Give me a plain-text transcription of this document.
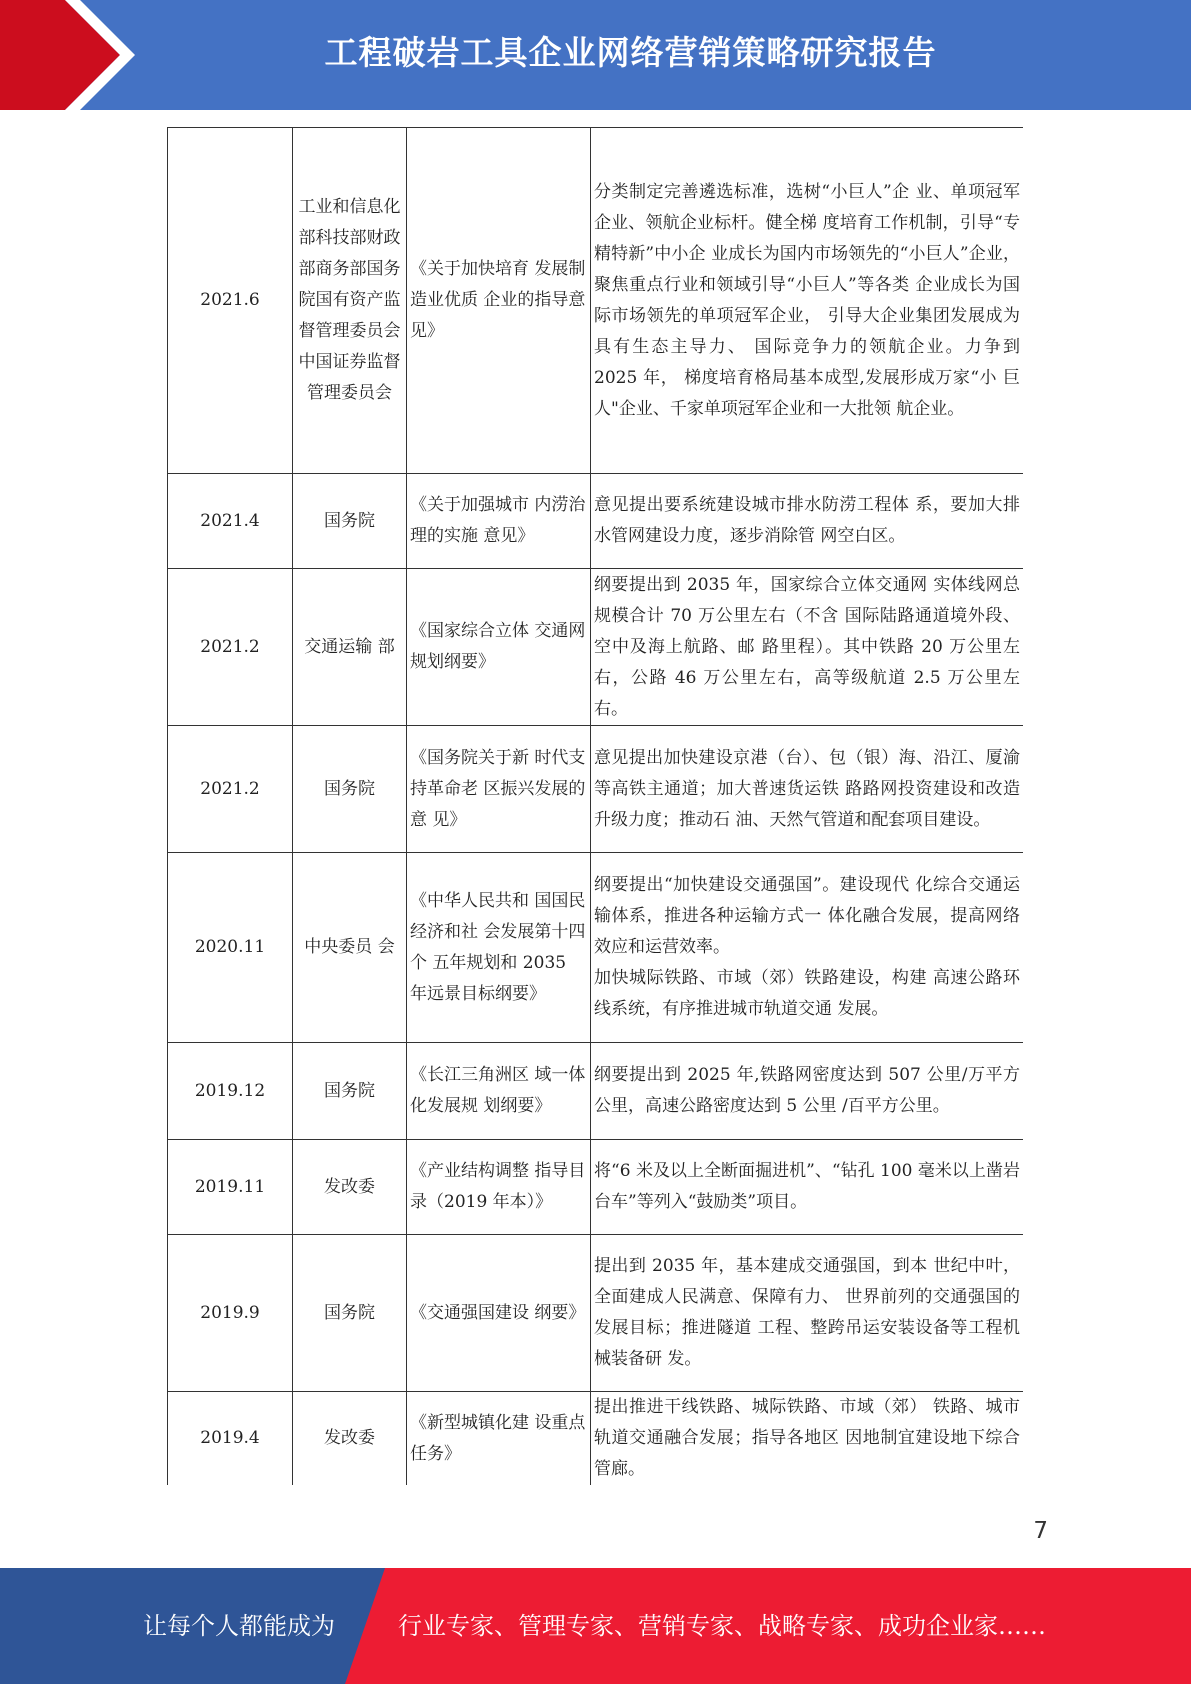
工程破岩工具企业网络营销策略研究报告
2021.6	工业和信息化部科技部财政部商务部国务院国有资产监督管理委员会中国证券监督管理委员会	《关于加快培育 发展制造业优质 企业的指导意见》	分类制定完善遴选标准，选树“小巨人”企 业、单项冠军企业、领航企业标杆。健全梯 度培育工作机制，引导“专精特新”中小企 业成长为国内市场领先的“小巨人”企业， 聚焦重点行业和领域引导“小巨人”等各类 企业成长为国际市场领先的单项冠军企业， 引导大企业集团发展成为具有生态主导力、 国际竞争力的领航企业。力争到 2025 年， 梯度培育格局基本成型,发展形成万家“小 巨人"企业、千家单项冠军企业和一大批领 航企业。
2021.4	国务院	《关于加强城市 内涝治理的实施 意见》	意见提出要系统建设城市排水防涝工程体 系，要加大排水管网建设力度，逐步消除管 网空白区。
2021.2	交通运输 部	《国家综合立体 交通网规划纲要》	纲要提出到 2035 年，国家综合立体交通网 实体线网总规模合计 70 万公里左右（不含 国际陆路通道境外段、空中及海上航路、邮 路里程）。其中铁路 20 万公里左右，公路 46 万公里左右，高等级航道 2.5 万公里左右。
2021.2	国务院	《国务院关于新 时代支持革命老 区振兴发展的意 见》	意见提出加快建设京港（台）、包（银）海、沿江、厦渝等高铁主通道；加大普速货运铁 路路网投资建设和改造升级力度；推动石 油、天然气管道和配套项目建设。
2020.11	中央委员 会	《中华人民共和 国国民经济和社 会发展第十四个 五年规划和 2035 年远景目标纲要》	纲要提出“加快建设交通强国”。建设现代 化综合交通运输体系，推进各种运输方式一 体化融合发展，提高网络效应和运营效率。
加快城际铁路、市域（郊）铁路建设，构建 高速公路环线系统，有序推进城市轨道交通 发展。

2019.12	国务院	《长江三角洲区 域一体化发展规 划纲要》	纲要提出到 2025 年,铁路网密度达到 507 公里/万平方公里，高速公路密度达到 5 公里 /百平方公里。
2019.11	发改委	《产业结构调整 指导目录（2019 年本）》	将“6 米及以上全断面掘进机”、“钻孔 100 毫米以上凿岩台车”等列入“鼓励类”项目。
2019.9	国务院	《交通强国建设 纲要》	提出到 2035 年，基本建成交通强国，到本 世纪中叶，全面建成人民满意、保障有力、 世界前列的交通强国的发展目标；推进隧道 工程、整跨吊运安装设备等工程机械装备研 发。
2019.4	发改委	《新型城镇化建 设重点任务》	提出推进干线铁路、城际铁路、市域（郊） 铁路、城市轨道交通融合发展；指导各地区 因地制宜建设地下综合管廊。
7
让每个人都能成为	行业专家、管理专家、营销专家、战略专家、成功企业家……
